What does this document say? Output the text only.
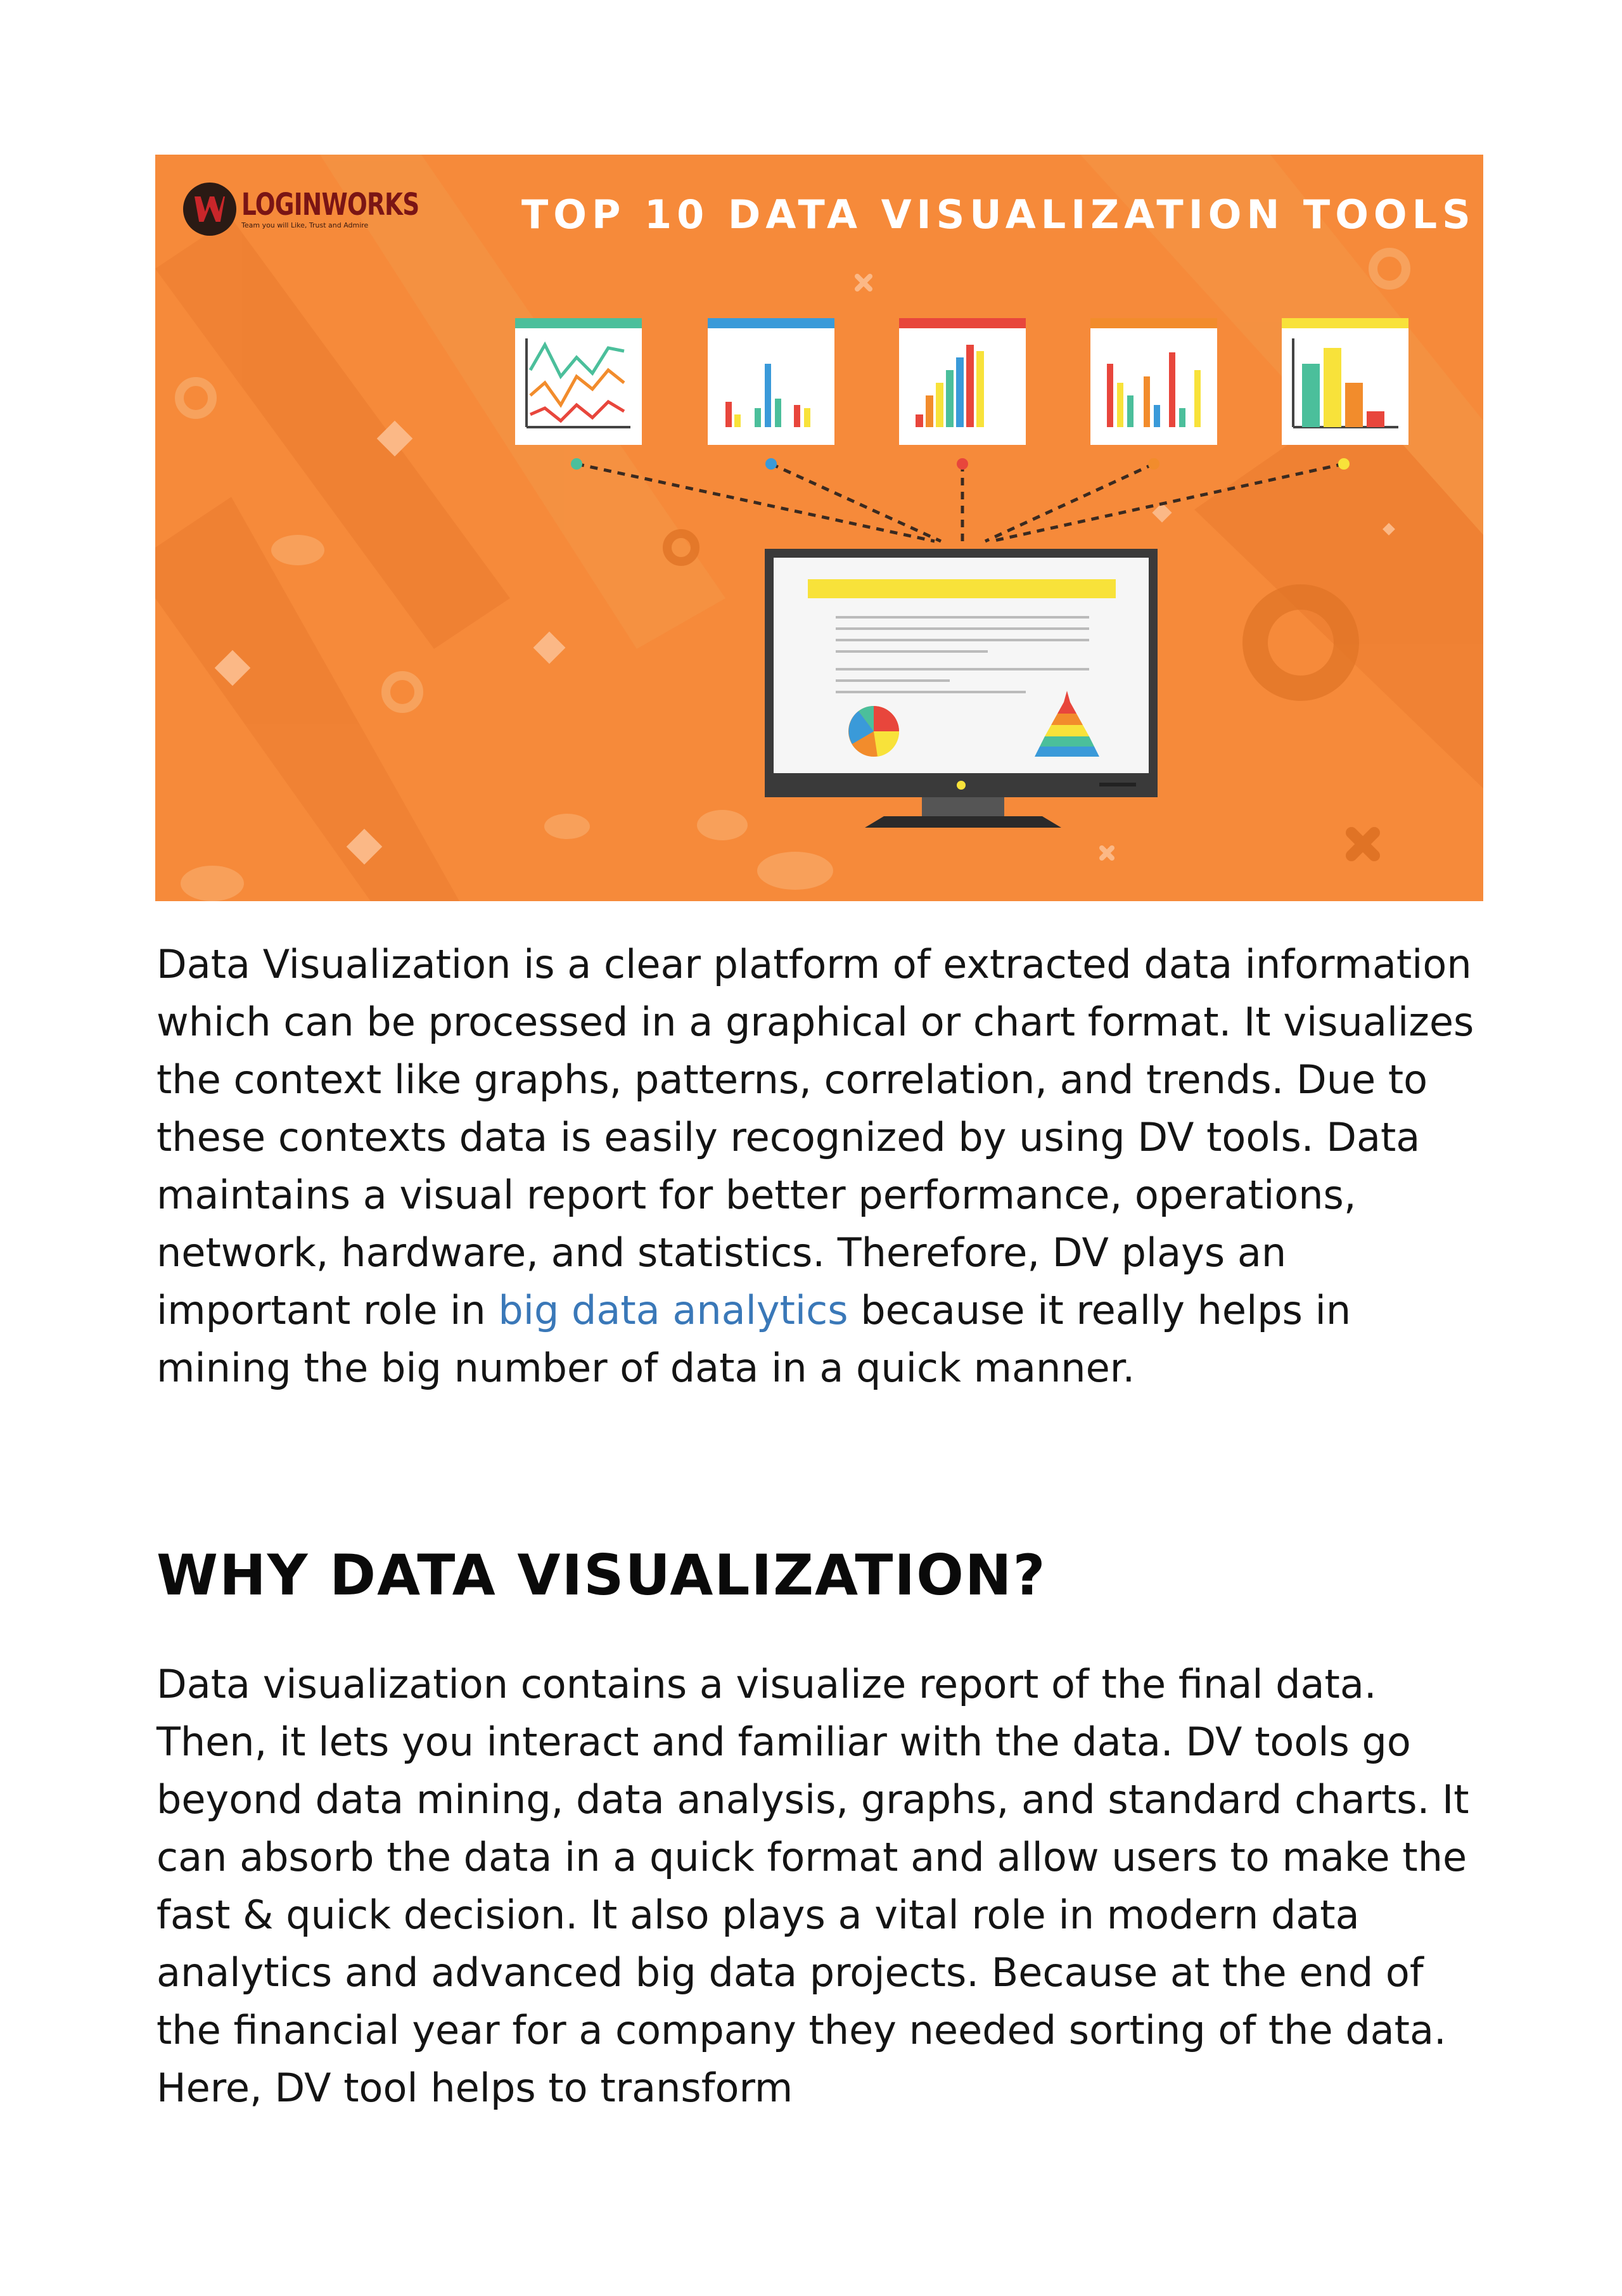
LOGINWORKS
Team you will Like, Trust and Admire	TOP 10 DATA VISUALIZATION TOOLS

Data Visualization is a clear platform of extracted data information which can be processed in a graphical or chart format. It visualizes the context like graphs, patterns, correlation, and trends. Due to these contexts data is easily recognized by using DV tools. Data maintains a visual report for better performance, operations, network, hardware, and statistics. Therefore, DV plays an important role in big data analytics because it really helps in mining the big number of data in a quick manner.

WHY DATA VISUALIZATION?

Data visualization contains a visualize report of the final data. Then, it lets you interact and familiar with the data. DV tools go beyond data mining, data analysis, graphs, and standard charts. It can absorb the data in a quick format and allow users to make the fast & quick decision. It also plays a vital role in modern data analytics and advanced big data projects. Because at the end of the financial year for a company they needed sorting of the data. Here, DV tool helps to transform
